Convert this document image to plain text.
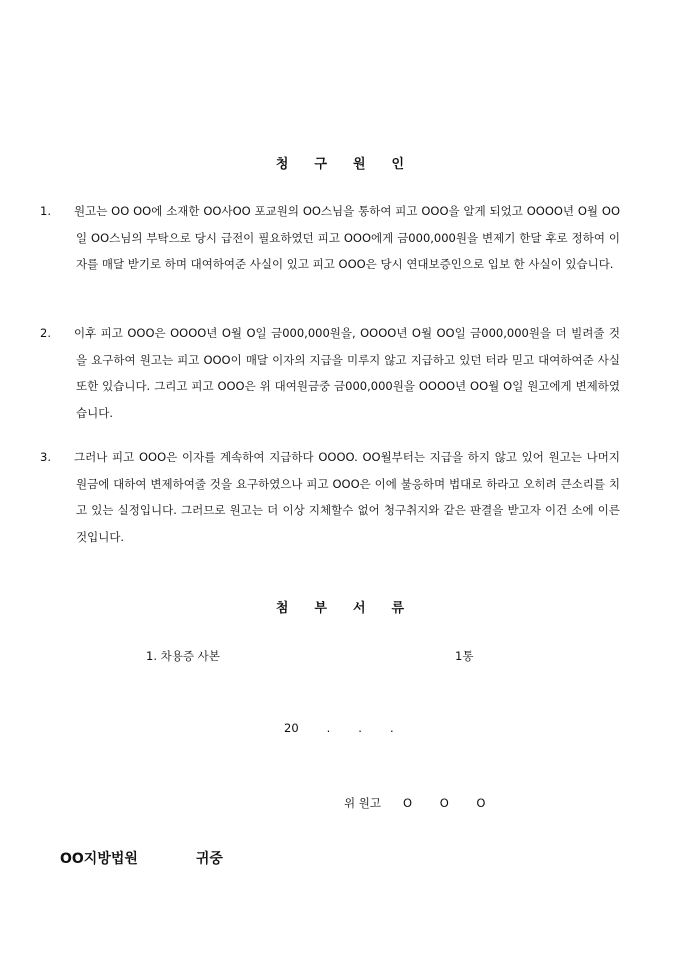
청구원인
1. 원고는 OO OO에 소재한 OO사OO 포교원의 OO스님을 통하여 피고 OOO을 알게 되었고 OOOO년 O월 OO일 OO스님의 부탁으로 당시 급전이 필요하였던 피고 OOO에게 금000,000원을 변제기 한달 후로 정하여 이자를 매달 받기로 하며 대여하여준 사실이 있고 피고 OOO은 당시 연대보증인으로 입보 한 사실이 있습니다.
2. 이후 피고 OOO은 OOOO년 O월 O일 금000,000원을, OOOO년 O월 OO일 금000,000원을 더 빌려줄 것을 요구하여 원고는 피고 OOO이 매달 이자의 지급을 미루지 않고 지급하고 있던 터라 믿고 대여하여준 사실 또한 있습니다. 그리고 피고 OOO은 위 대여원금중 금000,000원을 OOOO년 OO월 O일 원고에게 변제하였습니다.
3. 그러나 피고 OOO은 이자를 계속하여 지급하다 OOOO. OO월부터는 지급을 하지 않고 있어 원고는 나머지 원금에 대하여 변제하여줄 것을 요구하였으나 피고 OOO은 이에 불응하며 법대로 하라고 오히려 큰소리를 치고 있는 실정입니다. 그러므로 원고는 더 이상 지체할수 없어 청구취지와 같은 판결을 받고자 이건 소에 이른것입니다.
첨부서류
1. 차용증 사본	1통
20 . . .
위 원고 O O O
OO지방법원	귀중
